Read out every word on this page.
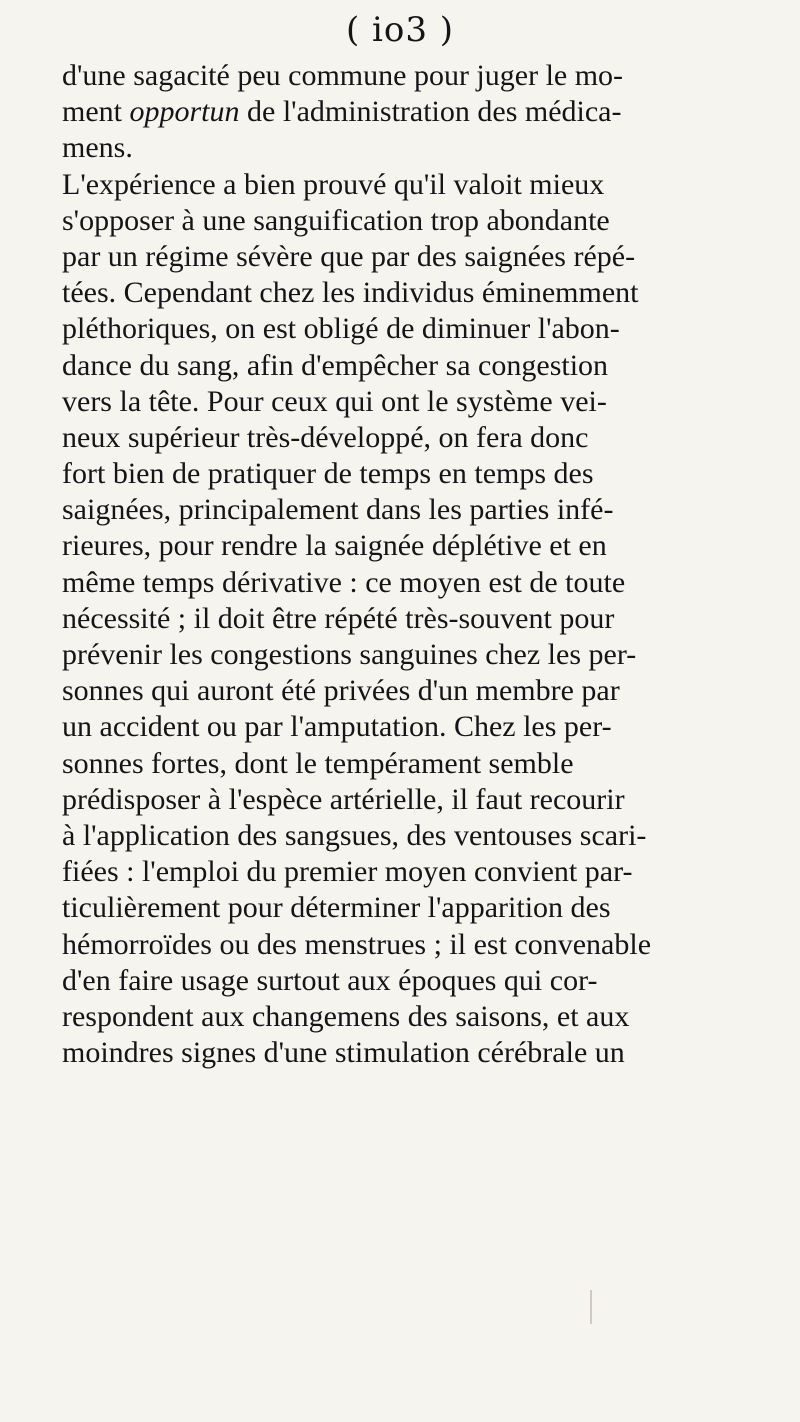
( io3 )
d'une sagacité peu commune pour juger le mo-
ment opportun de l'administration des médica-
mens.
L'expérience a bien prouvé qu'il valoit mieux
s'opposer à une sanguification trop abondante
par un régime sévère que par des saignées répé-
tées. Cependant chez les individus éminemment
pléthoriques, on est obligé de diminuer l'abon-
dance du sang, afin d'empêcher sa congestion
vers la tête. Pour ceux qui ont le système vei-
neux supérieur très-développé, on fera donc
fort bien de pratiquer de temps en temps des
saignées, principalement dans les parties infé-
rieures, pour rendre la saignée déplétive et en
même temps dérivative : ce moyen est de toute
nécessité ; il doit être répété très-souvent pour
prévenir les congestions sanguines chez les per-
sonnes qui auront été privées d'un membre par
un accident ou par l'amputation. Chez les per-
sonnes fortes, dont le tempérament semble
prédisposer à l'espèce artérielle, il faut recourir
à l'application des sangsues, des ventouses scari-
fiées : l'emploi du premier moyen convient par-
ticulièrement pour déterminer l'apparition des
hémorroïdes ou des menstrues ; il est convenable
d'en faire usage surtout aux époques qui cor-
respondent aux changemens des saisons, et aux
moindres signes d'une stimulation cérébrale un
